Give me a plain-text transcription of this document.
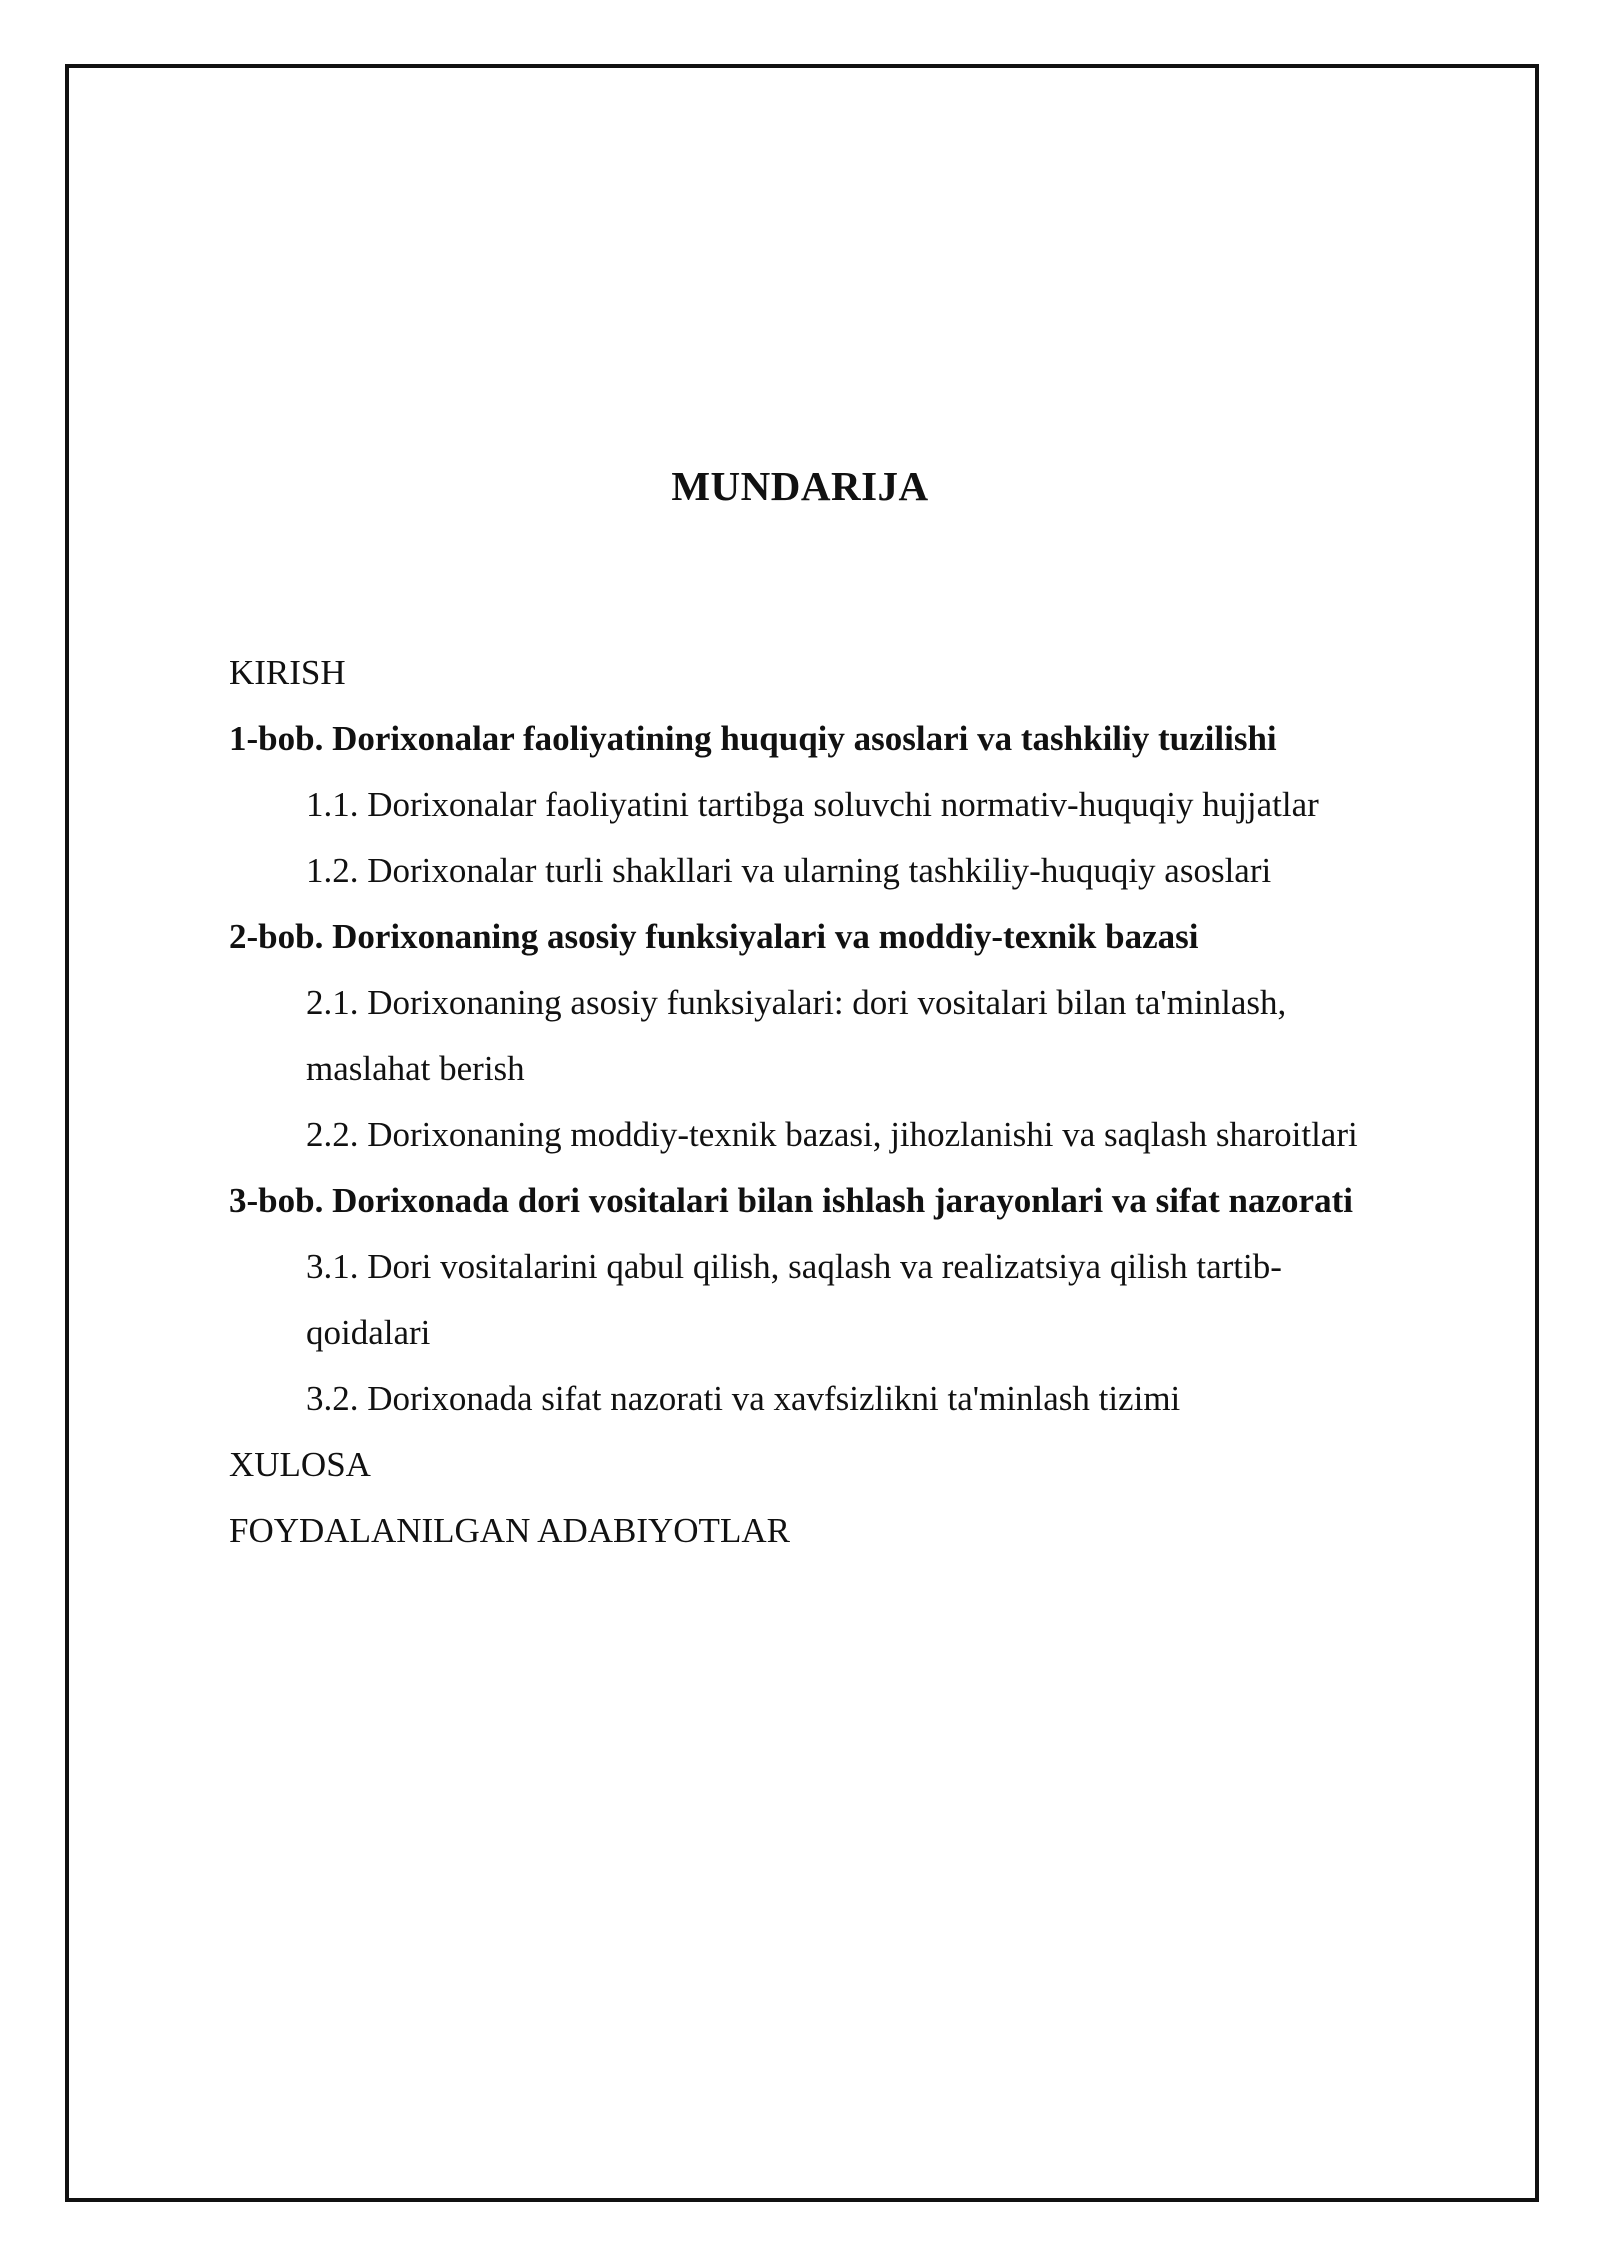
MUNDARIJA
KIRISH
1-bob. Dorixonalar faoliyatining huquqiy asoslari va tashkiliy tuzilishi
1.1. Dorixonalar faoliyatini tartibga soluvchi normativ-huquqiy hujjatlar
1.2. Dorixonalar turli shakllari va ularning tashkiliy-huquqiy asoslari
2-bob. Dorixonaning asosiy funksiyalari va moddiy-texnik bazasi
2.1. Dorixonaning asosiy funksiyalari: dori vositalari bilan ta'minlash,
maslahat berish
2.2. Dorixonaning moddiy-texnik bazasi, jihozlanishi va saqlash sharoitlari
3-bob. Dorixonada dori vositalari bilan ishlash jarayonlari va sifat nazorati
3.1. Dori vositalarini qabul qilish, saqlash va realizatsiya qilish tartib-
qoidalari
3.2. Dorixonada sifat nazorati va xavfsizlikni ta'minlash tizimi
XULOSA
FOYDALANILGAN ADABIYOTLAR
